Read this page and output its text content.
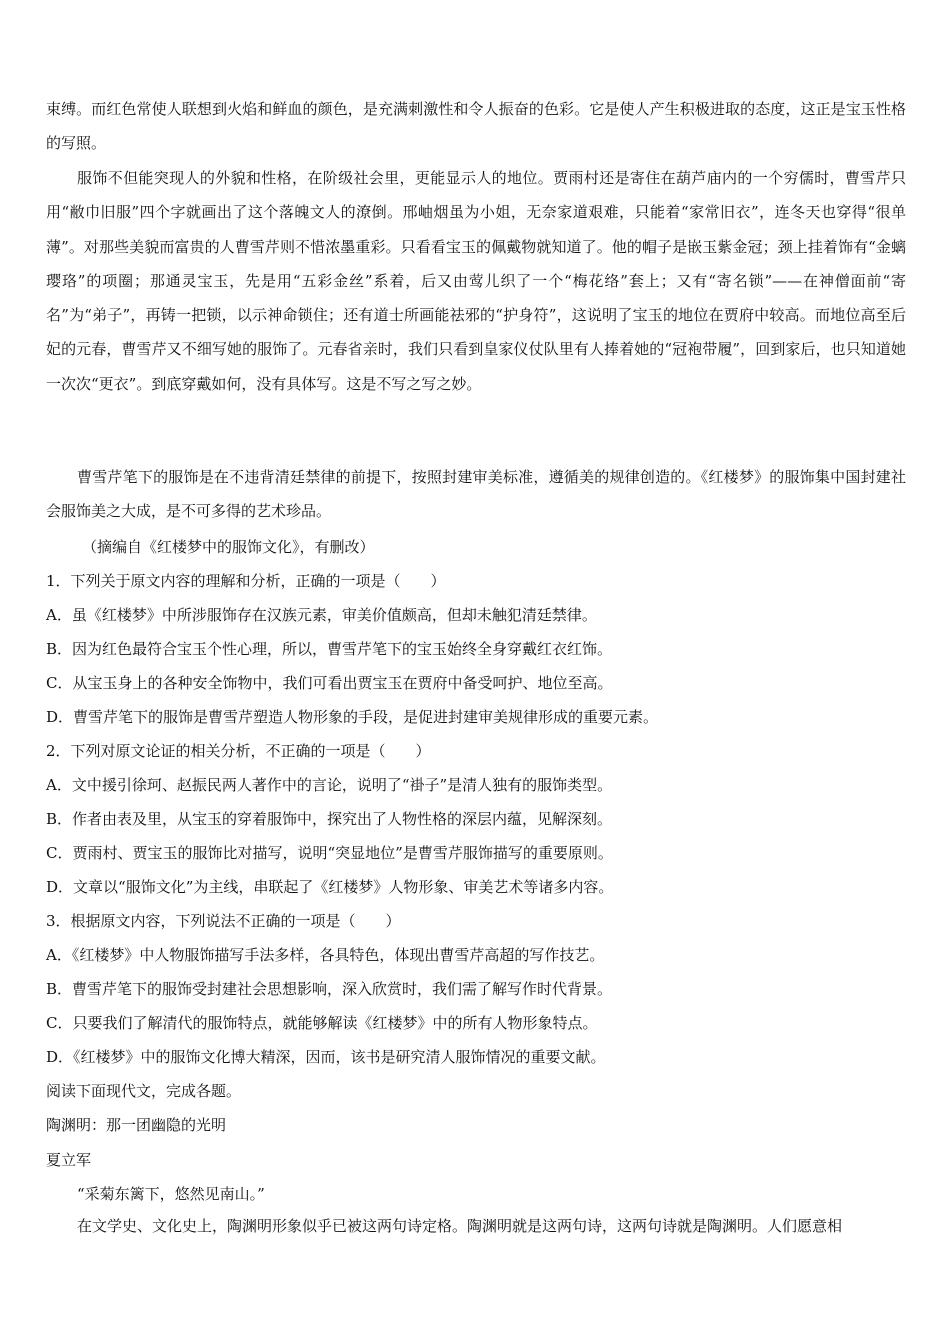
束缚。而红色常使人联想到火焰和鲜血的颜色，是充满刺激性和令人振奋的色彩。它是使人产生积极进取的态度，这正是宝玉性格的写照。

服饰不但能突现人的外貌和性格，在阶级社会里，更能显示人的地位。贾雨村还是寄住在葫芦庙内的一个穷儒时，曹雪芹只用“敝巾旧服”四个字就画出了这个落魄文人的潦倒。邢岫烟虽为小姐，无奈家道艰难，只能着“家常旧衣”，连冬天也穿得“很单薄”。对那些美貌而富贵的人曹雪芹则不惜浓墨重彩。只看看宝玉的佩戴物就知道了。他的帽子是嵌玉紫金冠；颈上挂着饰有“金螭璎珞”的项圈；那通灵宝玉，先是用“五彩金丝”系着，后又由莺儿织了一个“梅花络”套上；又有“寄名锁”——在神僧面前“寄名”为“弟子”，再铸一把锁，以示神命锁住；还有道士所画能祛邪的“护身符”，这说明了宝玉的地位在贾府中较高。而地位高至后妃的元春，曹雪芹又不细写她的服饰了。元春省亲时，我们只看到皇家仪仗队里有人捧着她的“冠袍带履”，回到家后，也只知道她一次次“更衣”。到底穿戴如何，没有具体写。这是不写之写之妙。

曹雪芹笔下的服饰是在不违背清廷禁律的前提下，按照封建审美标准，遵循美的规律创造的。《红楼梦》的服饰集中国封建社会服饰美之大成，是不可多得的艺术珍品。

（摘编自《红楼梦中的服饰文化》，有删改）

1．下列关于原文内容的理解和分析，正确的一项是（　　）

A．虽《红楼梦》中所涉服饰存在汉族元素，审美价值颇高，但却未触犯清廷禁律。

B．因为红色最符合宝玉个性心理，所以，曹雪芹笔下的宝玉始终全身穿戴红衣红饰。

C．从宝玉身上的各种安全饰物中，我们可看出贾宝玉在贾府中备受呵护、地位至高。

D．曹雪芹笔下的服饰是曹雪芹塑造人物形象的手段，是促进封建审美规律形成的重要元素。

2．下列对原文论证的相关分析，不正确的一项是（　　）

A．文中援引徐珂、赵振民两人著作中的言论，说明了“褂子”是清人独有的服饰类型。

B．作者由表及里，从宝玉的穿着服饰中，探究出了人物性格的深层内蕴，见解深刻。

C．贾雨村、贾宝玉的服饰比对描写，说明“突显地位”是曹雪芹服饰描写的重要原则。

D．文章以“服饰文化”为主线，串联起了《红楼梦》人物形象、审美艺术等诸多内容。

3．根据原文内容，下列说法不正确的一项是（　　）

A．《红楼梦》中人物服饰描写手法多样，各具特色，体现出曹雪芹高超的写作技艺。

B．曹雪芹笔下的服饰受封建社会思想影响，深入欣赏时，我们需了解写作时代背景。

C．只要我们了解清代的服饰特点，就能够解读《红楼梦》中的所有人物形象特点。

D．《红楼梦》中的服饰文化博大精深，因而，该书是研究清人服饰情况的重要文献。

阅读下面现代文，完成各题。

陶渊明：那一团幽隐的光明

夏立军

“采菊东篱下，悠然见南山。”

在文学史、文化史上，陶渊明形象似乎已被这两句诗定格。陶渊明就是这两句诗，这两句诗就是陶渊明。人们愿意相
